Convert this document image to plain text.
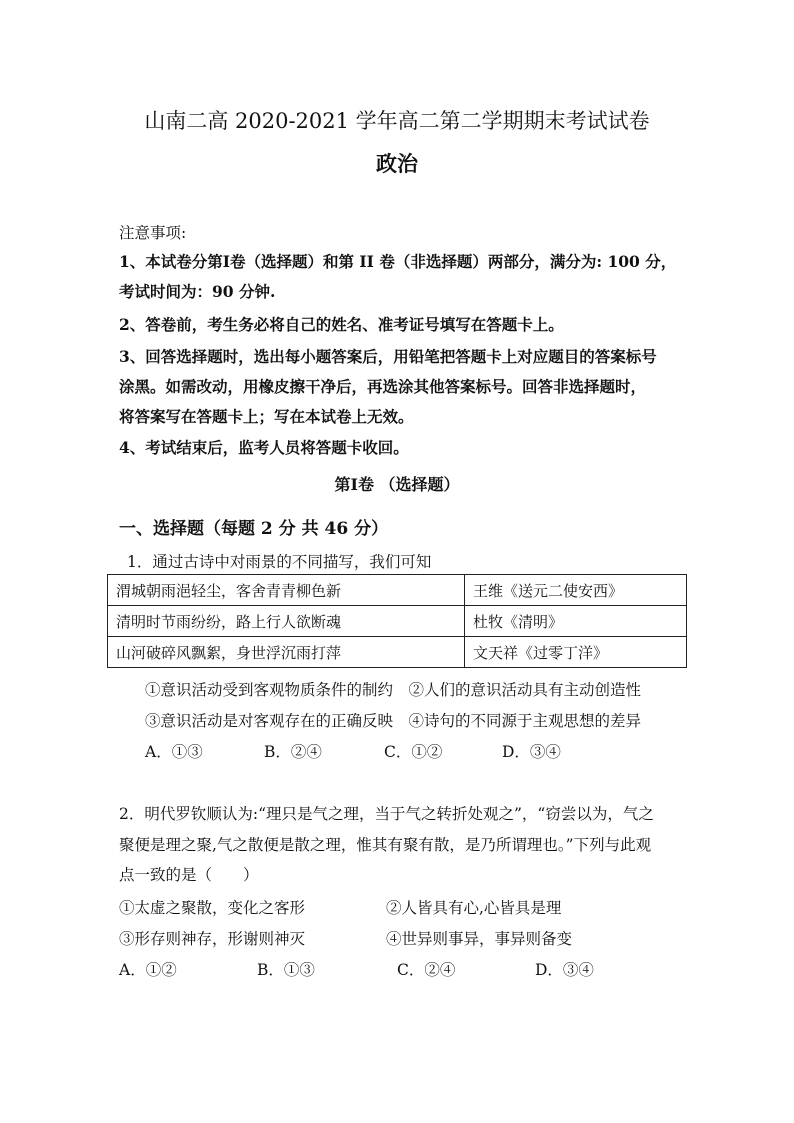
山南二高 2020-2021 学年高二第二学期期末考试试卷
政治
注意事项:
1、本试卷分第Ⅰ卷（选择题）和第 II 卷（非选择题）两部分，满分为: 100 分，
考试时间为：90 分钟.
2、答卷前，考生务必将自己的姓名、准考证号填写在答题卡上。
3、回答选择题时，选出每小题答案后，用铅笔把答题卡上对应题目的答案标号
涂黑。如需改动，用橡皮擦干净后，再选涂其他答案标号。回答非选择题时，
将答案写在答题卡上；写在本试卷上无效。
4、考试结束后，监考人员将答题卡收回。
第Ⅰ卷 （选择题）
一、选择题（每题 2 分 共 46 分）
1．通过古诗中对雨景的不同描写，我们可知
渭城朝雨浥轻尘，客舍青青柳色新	王维《送元二使安西》
清明时节雨纷纷，路上行人欲断魂	杜牧《清明》
山河破碎风飘絮，身世浮沉雨打萍	文天祥《过零丁洋》
①意识活动受到客观物质条件的制约　②人们的意识活动具有主动创造性
③意识活动是对客观存在的正确反映　④诗句的不同源于主观思想的差异
A．①③	B．②④	C．①②	D．③④
2．明代罗钦顺认为:“理只是气之理，当于气之转折处观之”，“窃尝以为，气之
聚便是理之聚,气之散便是散之理，惟其有聚有散，是乃所谓理也。”下列与此观
点一致的是（　　）
①太虚之聚散，变化之客形	②人皆具有心,心皆具是理
③形存则神存，形谢则神灭	④世异则事异，事异则备变
A．①②	B．①③	C．②④	D．③④
